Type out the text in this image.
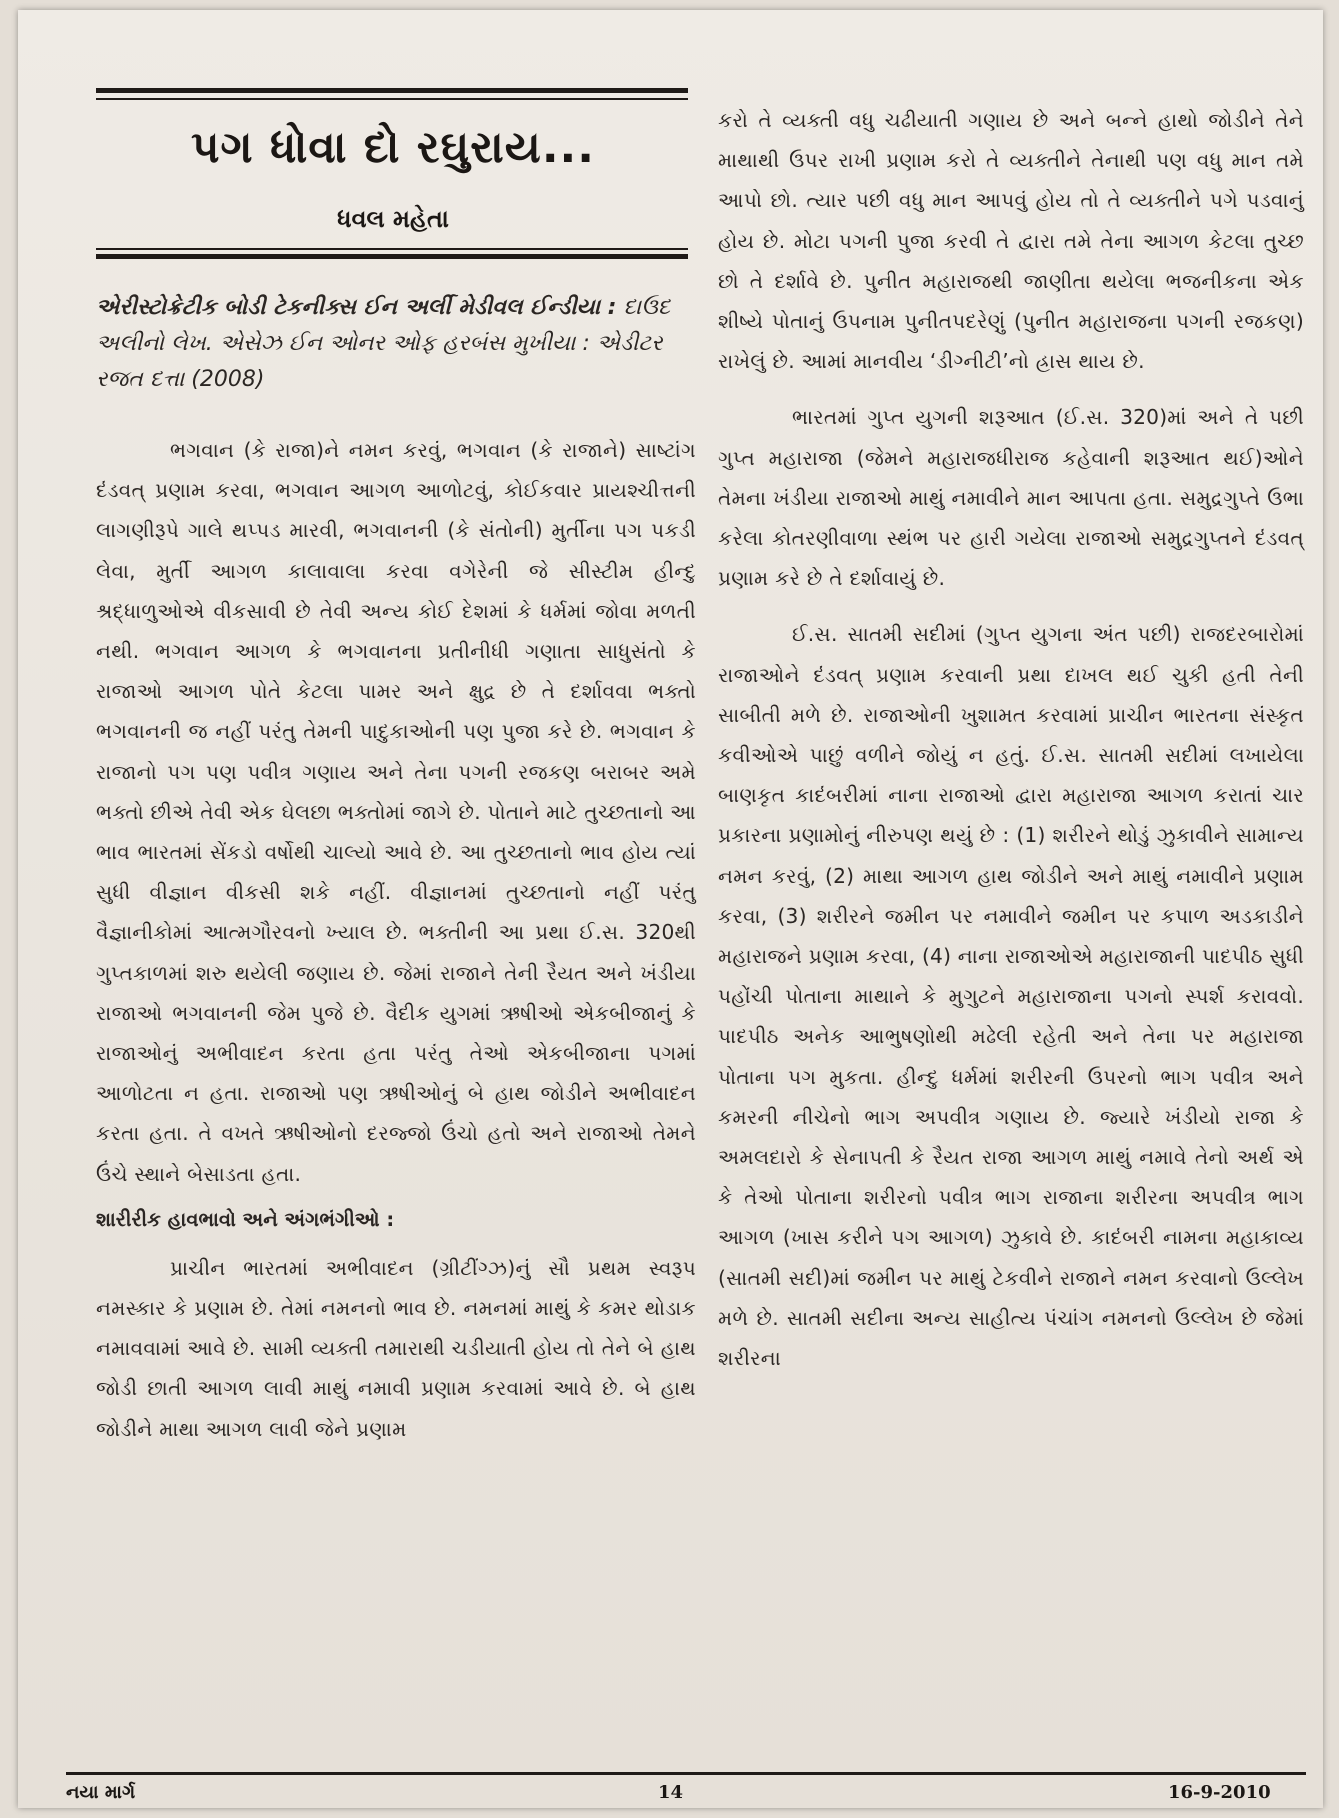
પગ ધોવા દો રઘુરાય...
ધવલ મહેતા
એરીસ્ટોક્રેટીક બોડી ટેકનીક્સ ઈન અર્લી મેડીવલ ઈન્ડીયા : દાઉદ અલીનો લેખ. એસેઝ ઈન ઓનર ઓફ હરબંસ મુખીયા : એડીટર રજત દત્તા (2008)

ભગવાન (કે રાજા)ને નમન કરવું, ભગવાન (કે રાજાને) સાષ્ટાંગ દંડવત્ પ્રણામ કરવા, ભગવાન આગળ આળોટવું, કોઈકવાર પ્રાયશ્ચીત્તની લાગણીરૂપે ગાલે થપ્પડ મારવી, ભગવાનની (કે સંતોની) મુર્તીના પગ પકડી લેવા, મુર્તી આગળ કાલાવાલા કરવા વગેરેની જે સીસ્ટીમ હીન્દુ શ્રદ્ધાળુઓએ વીકસાવી છે તેવી અન્ય કોઈ દેશમાં કે ધર્મમાં જોવા મળતી નથી. ભગવાન આગળ કે ભગવાનના પ્રતીનીધી ગણાતા સાધુસંતો કે રાજાઓ આગળ પોતે કેટલા પામર અને ક્ષુદ્ર છે તે દર્શાવવા ભક્તો ભગવાનની જ નહીં પરંતુ તેમની પાદુકાઓની પણ પુજા કરે છે. ભગવાન કે રાજાનો પગ પણ પવીત્ર ગણાય અને તેના પગની રજકણ બરાબર અમે ભક્તો છીએ તેવી એક ઘેલછા ભક્તોમાં જાગે છે. પોતાને માટે તુચ્છતાનો આ ભાવ ભારતમાં સેંકડો વર્ષોથી ચાલ્યો આવે છે. આ તુચ્છતાનો ભાવ હોય ત્યાં સુધી વીજ્ઞાન વીકસી શકે નહીં. વીજ્ઞાનમાં તુચ્છતાનો નહીં પરંતુ વૈજ્ઞાનીકોમાં આત્મગૌરવનો ખ્યાલ છે. ભક્તીની આ પ્રથા ઈ.સ. 320થી ગુપ્તકાળમાં શરુ થયેલી જણાય છે. જેમાં રાજાને તેની રૈયત અને ખંડીયા રાજાઓ ભગવાનની જેમ પુજે છે. વૈદીક યુગમાં ઋષીઓ એકબીજાનું કે રાજાઓનું અભીવાદન કરતા હતા પરંતુ તેઓ એકબીજાના પગમાં આળોટતા ન હતા. રાજાઓ પણ ઋષીઓનું બે હાથ જોડીને અભીવાદન કરતા હતા. તે વખતે ઋષીઓનો દરજ્જો ઉંચો હતો અને રાજાઓ તેમને ઉંચે સ્થાને બેસાડતા હતા.

શારીરીક હાવભાવો અને અંગભંગીઓ :

પ્રાચીન ભારતમાં અભીવાદન (ગ્રીટીંગ્ઝ)નું સૌ પ્રથમ સ્વરૂપ નમસ્કાર કે પ્રણામ છે. તેમાં નમનનો ભાવ છે. નમનમાં માથું કે કમર થોડાક નમાવવામાં આવે છે. સામી વ્યક્તી તમારાથી ચડીયાતી હોય તો તેને બે હાથ જોડી છાતી આગળ લાવી માથું નમાવી પ્રણામ કરવામાં આવે છે. બે હાથ જોડીને માથા આગળ લાવી જેને પ્રણામ

કરો તે વ્યક્તી વધુ ચઢીયાતી ગણાય છે અને બન્ને હાથો જોડીને તેને માથાથી ઉપર રાખી પ્રણામ કરો તે વ્યક્તીને તેનાથી પણ વધુ માન તમે આપો છો. ત્યાર પછી વધુ માન આપવું હોય તો તે વ્યક્તીને પગે પડવાનું હોય છે. મોટા પગની પુજા કરવી તે દ્વારા તમે તેના આગળ કેટલા તુચ્છ છો તે દર્શાવે છે. પુનીત મહારાજથી જાણીતા થયેલા ભજનીકના એક શીષ્યે પોતાનું ઉપનામ પુનીતપદરેણું (પુનીત મહારાજના પગની રજકણ) રાખેલું છે. આમાં માનવીય ‘ડીગ્નીટી’નો હ્રાસ થાય છે.

ભારતમાં ગુપ્ત યુગની શરૂઆત (ઈ.સ. 320)માં અને તે પછી ગુપ્ત મહારાજા (જેમને મહારાજધીરાજ કહેવાની શરૂઆત થઈ)ઓને તેમના ખંડીયા રાજાઓ માથું નમાવીને માન આપતા હતા. સમુદ્રગુપ્તે ઉભા કરેલા કોતરણીવાળા સ્થંભ પર હારી ગયેલા રાજાઓ સમુદ્રગુપ્તને દંડવત્ પ્રણામ કરે છે તે દર્શાવાયું છે.

ઈ.સ. સાતમી સદીમાં (ગુપ્ત યુગના અંત પછી) રાજદરબારોમાં રાજાઓને દંડવત્ પ્રણામ કરવાની પ્રથા દાખલ થઈ ચુકી હતી તેની સાબીતી મળે છે. રાજાઓની ખુશામત કરવામાં પ્રાચીન ભારતના સંસ્કૃત કવીઓએ પાછું વળીને જોયું ન હતું. ઈ.સ. સાતમી સદીમાં લખાયેલા બાણકૃત કાદંબરીમાં નાના રાજાઓ દ્વારા મહારાજા આગળ કરાતાં ચાર પ્રકારના પ્રણામોનું નીરુપણ થયું છે : (1) શરીરને થોડું ઝુકાવીને સામાન્ય નમન કરવું, (2) માથા આગળ હાથ જોડીને અને માથું નમાવીને પ્રણામ કરવા, (3) શરીરને જમીન પર નમાવીને જમીન પર કપાળ અડકાડીને મહારાજને પ્રણામ કરવા, (4) નાના રાજાઓએ મહારાજાની પાદપીઠ સુધી પહોંચી પોતાના માથાને કે મુગુટને મહારાજાના પગનો સ્પર્શ કરાવવો. પાદપીઠ અનેક આભુષણોથી મઢેલી રહેતી અને તેના પર મહારાજા પોતાના પગ મુકતા. હીન્દુ ધર્મમાં શરીરની ઉપરનો ભાગ પવીત્ર અને કમરની નીચેનો ભાગ અપવીત્ર ગણાય છે. જ્યારે ખંડીયો રાજા કે અમલદારો કે સેનાપતી કે રૈયત રાજા આગળ માથું નમાવે તેનો અર્થ એ કે તેઓ પોતાના શરીરનો પવીત્ર ભાગ રાજાના શરીરના અપવીત્ર ભાગ આગળ (ખાસ કરીને પગ આગળ) ઝુકાવે છે. કાદંબરી નામના મહાકાવ્ય (સાતમી સદી)માં જમીન પર માથું ટેકવીને રાજાને નમન કરવાનો ઉલ્લેખ મળે છે. સાતમી સદીના અન્ય સાહીત્ય પંચાંગ નમનનો ઉલ્લેખ છે જેમાં શરીરના

નયા માર્ગ	14	16-9-2010
